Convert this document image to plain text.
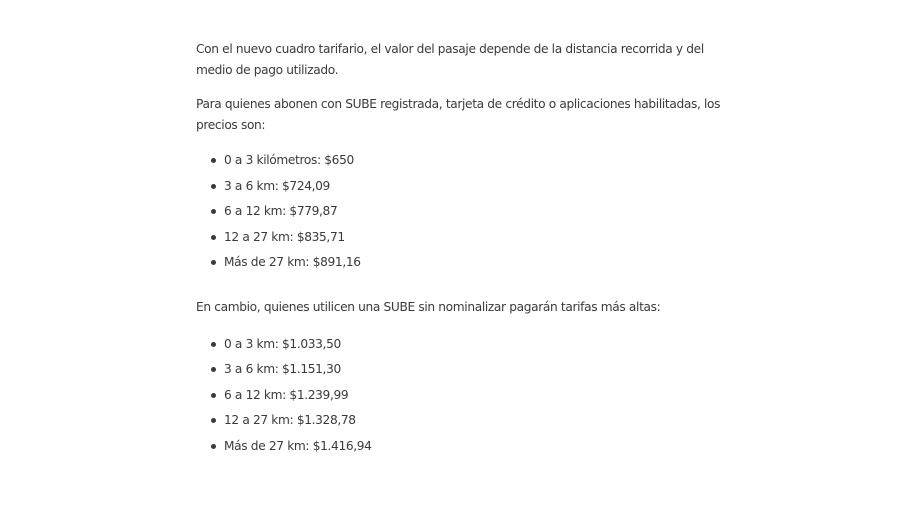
Con el nuevo cuadro tarifario, el valor del pasaje depende de la distancia recorrida y del medio de pago utilizado.

Para quienes abonen con SUBE registrada, tarjeta de crédito o aplicaciones habilitadas, los precios son:

0 a 3 kilómetros: $650
3 a 6 km: $724,09
6 a 12 km: $779,87
12 a 27 km: $835,71
Más de 27 km: $891,16

En cambio, quienes utilicen una SUBE sin nominalizar pagarán tarifas más altas:

0 a 3 km: $1.033,50
3 a 6 km: $1.151,30
6 a 12 km: $1.239,99
12 a 27 km: $1.328,78
Más de 27 km: $1.416,94
